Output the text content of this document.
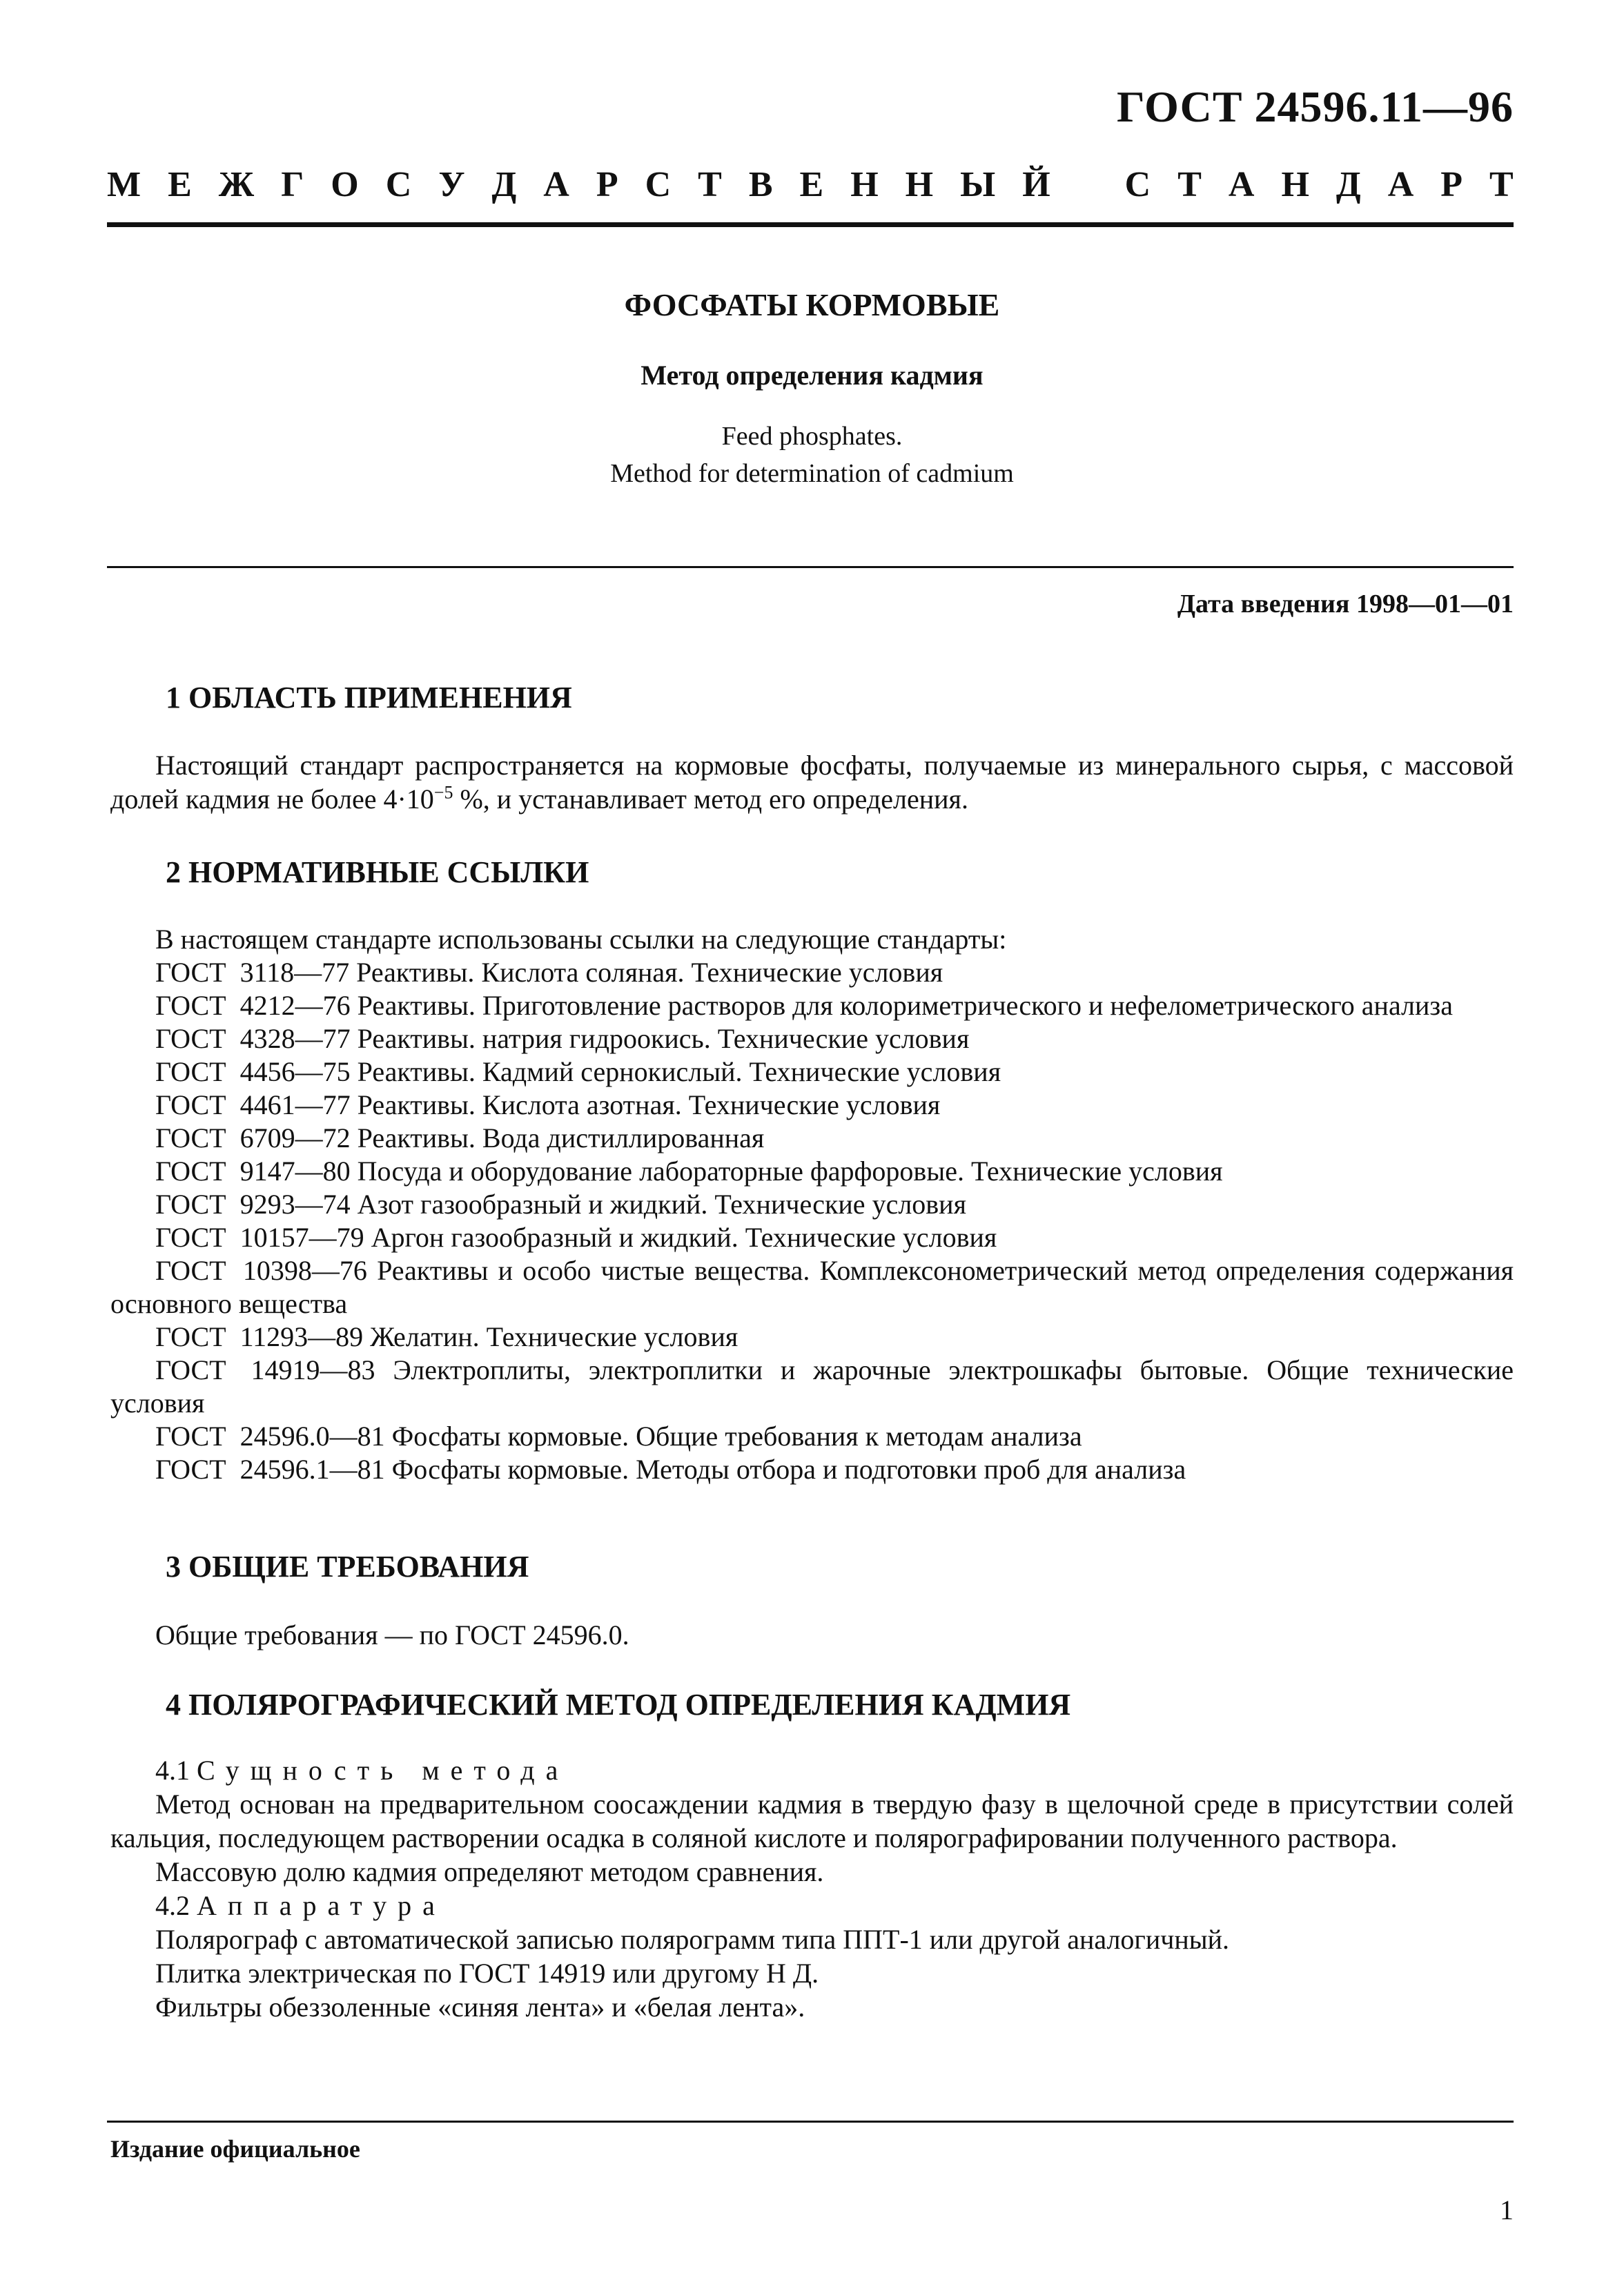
ГОСТ 24596.11—96
М Е Ж Г О С У Д А Р С Т В Е Н Н Ы Й С Т А Н Д А Р Т
ФОСФАТЫ КОРМОВЫЕ
Метод определения кадмия
Feed phosphates.
Method for determination of cadmium
Дата введения 1998—01—01
1 ОБЛАСТЬ ПРИМЕНЕНИЯ

Настоящий стандарт распространяется на кормовые фосфаты, получаемые из минерального сырья, с массовой долей кадмия не более $4\cdot 10^{-5}$ %, и устанавливает метод его определения.

2 НОРМАТИВНЫЕ ССЫЛКИ
В настоящем стандарте использованы ссылки на следующие стандарты:
ГОСТ 3118—77 Реактивы. Кислота соляная. Технические условия
ГОСТ 4212—76 Реактивы. Приготовление растворов для колориметрического и нефелометрического анализа
ГОСТ 4328—77 Реактивы. натрия гидроокись. Технические условия
ГОСТ 4456—75 Реактивы. Кадмий сернокислый. Технические условия
ГОСТ 4461—77 Реактивы. Кислота азотная. Технические условия
ГОСТ 6709—72 Реактивы. Вода дистиллированная
ГОСТ 9147—80 Посуда и оборудование лабораторные фарфоровые. Технические условия
ГОСТ 9293—74 Азот газообразный и жидкий. Технические условия
ГОСТ 10157—79 Аргон газообразный и жидкий. Технические условия
ГОСТ 10398—76 Реактивы и особо чистые вещества. Комплексонометрический метод определения содержания основного вещества
ГОСТ 11293—89 Желатин. Технические условия
ГОСТ 14919—83 Электроплиты, электроплитки и жарочные электрошкафы бытовые. Общие технические условия
ГОСТ 24596.0—81 Фосфаты кормовые. Общие требования к методам анализа
ГОСТ 24596.1—81 Фосфаты кормовые. Методы отбора и подготовки проб для анализа
3 ОБЩИЕ ТРЕБОВАНИЯ

Общие требования — по ГОСТ 24596.0.

4 ПОЛЯРОГРАФИЧЕСКИЙ МЕТОД ОПРЕДЕЛЕНИЯ КАДМИЯ

4.1 Сущность метода

Метод основан на предварительном соосаждении кадмия в твердую фазу в щелочной среде в присутствии солей кальция, последующем растворении осадка в соляной кислоте и полярографировании полученного раствора.

Массовую долю кадмия определяют методом сравнения.

4.2 Аппаратура

Полярограф с автоматической записью полярограмм типа ППТ-1 или другой аналогичный.

Плитка электрическая по ГОСТ 14919 или другому Н Д.

Фильтры обеззоленные «синяя лента» и «белая лента».

Издание официальное
1
